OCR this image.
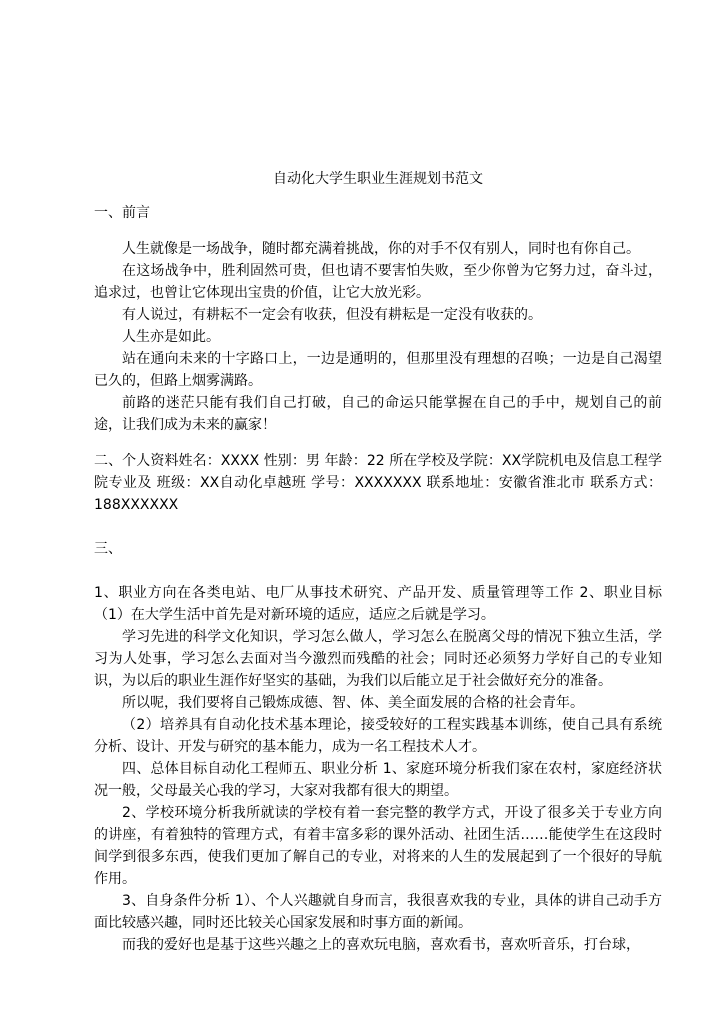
自动化大学生职业生涯规划书范文

一、前言

人生就像是一场战争，随时都充满着挑战，你的对手不仅有别人，同时也有你自己。

在这场战争中，胜利固然可贵，但也请不要害怕失败，至少你曾为它努力过，奋斗过，追求过，也曾让它体现出宝贵的价值，让它大放光彩。

有人说过，有耕耘不一定会有收获，但没有耕耘是一定没有收获的。

人生亦是如此。

站在通向未来的十字路口上，一边是通明的，但那里没有理想的召唤；一边是自己渴望已久的，但路上烟雾满路。

前路的迷茫只能有我们自己打破，自己的命运只能掌握在自己的手中，规划自己的前途，让我们成为未来的赢家！

二、个人资料姓名：XXXX 性别：男 年龄：22 所在学校及学院：XX学院机电及信息工程学院专业及 班级：XX自动化卓越班 学号：XXXXXXX 联系地址：安徽省淮北市 联系方式：188XXXXXX

三、

1、职业方向在各类电站、电厂从事技术研究、产品开发、质量管理等工作 2、职业目标（1）在大学生活中首先是对新环境的适应，适应之后就是学习。

学习先进的科学文化知识，学习怎么做人，学习怎么在脱离父母的情况下独立生活，学习为人处事，学习怎么去面对当今激烈而残酷的社会；同时还必须努力学好自己的专业知识，为以后的职业生涯作好坚实的基础，为我们以后能立足于社会做好充分的准备。

所以呢，我们要将自己锻炼成德、智、体、美全面发展的合格的社会青年。

（2）培养具有自动化技术基本理论，接受较好的工程实践基本训练，使自己具有系统分析、设计、开发与研究的基本能力，成为一名工程技术人才。

四、总体目标自动化工程师五、职业分析 1、家庭环境分析我们家在农村，家庭经济状况一般，父母最关心我的学习，大家对我都有很大的期望。

2、学校环境分析我所就读的学校有着一套完整的教学方式，开设了很多关于专业方向的讲座，有着独特的管理方式，有着丰富多彩的课外活动、社团生活……能使学生在这段时间学到很多东西，使我们更加了解自己的专业，对将来的人生的发展起到了一个很好的导航作用。

3、自身条件分析 1）、个人兴趣就自身而言，我很喜欢我的专业，具体的讲自己动手方面比较感兴趣，同时还比较关心国家发展和时事方面的新闻。

而我的爱好也是基于这些兴趣之上的喜欢玩电脑，喜欢看书，喜欢听音乐，打台球，
